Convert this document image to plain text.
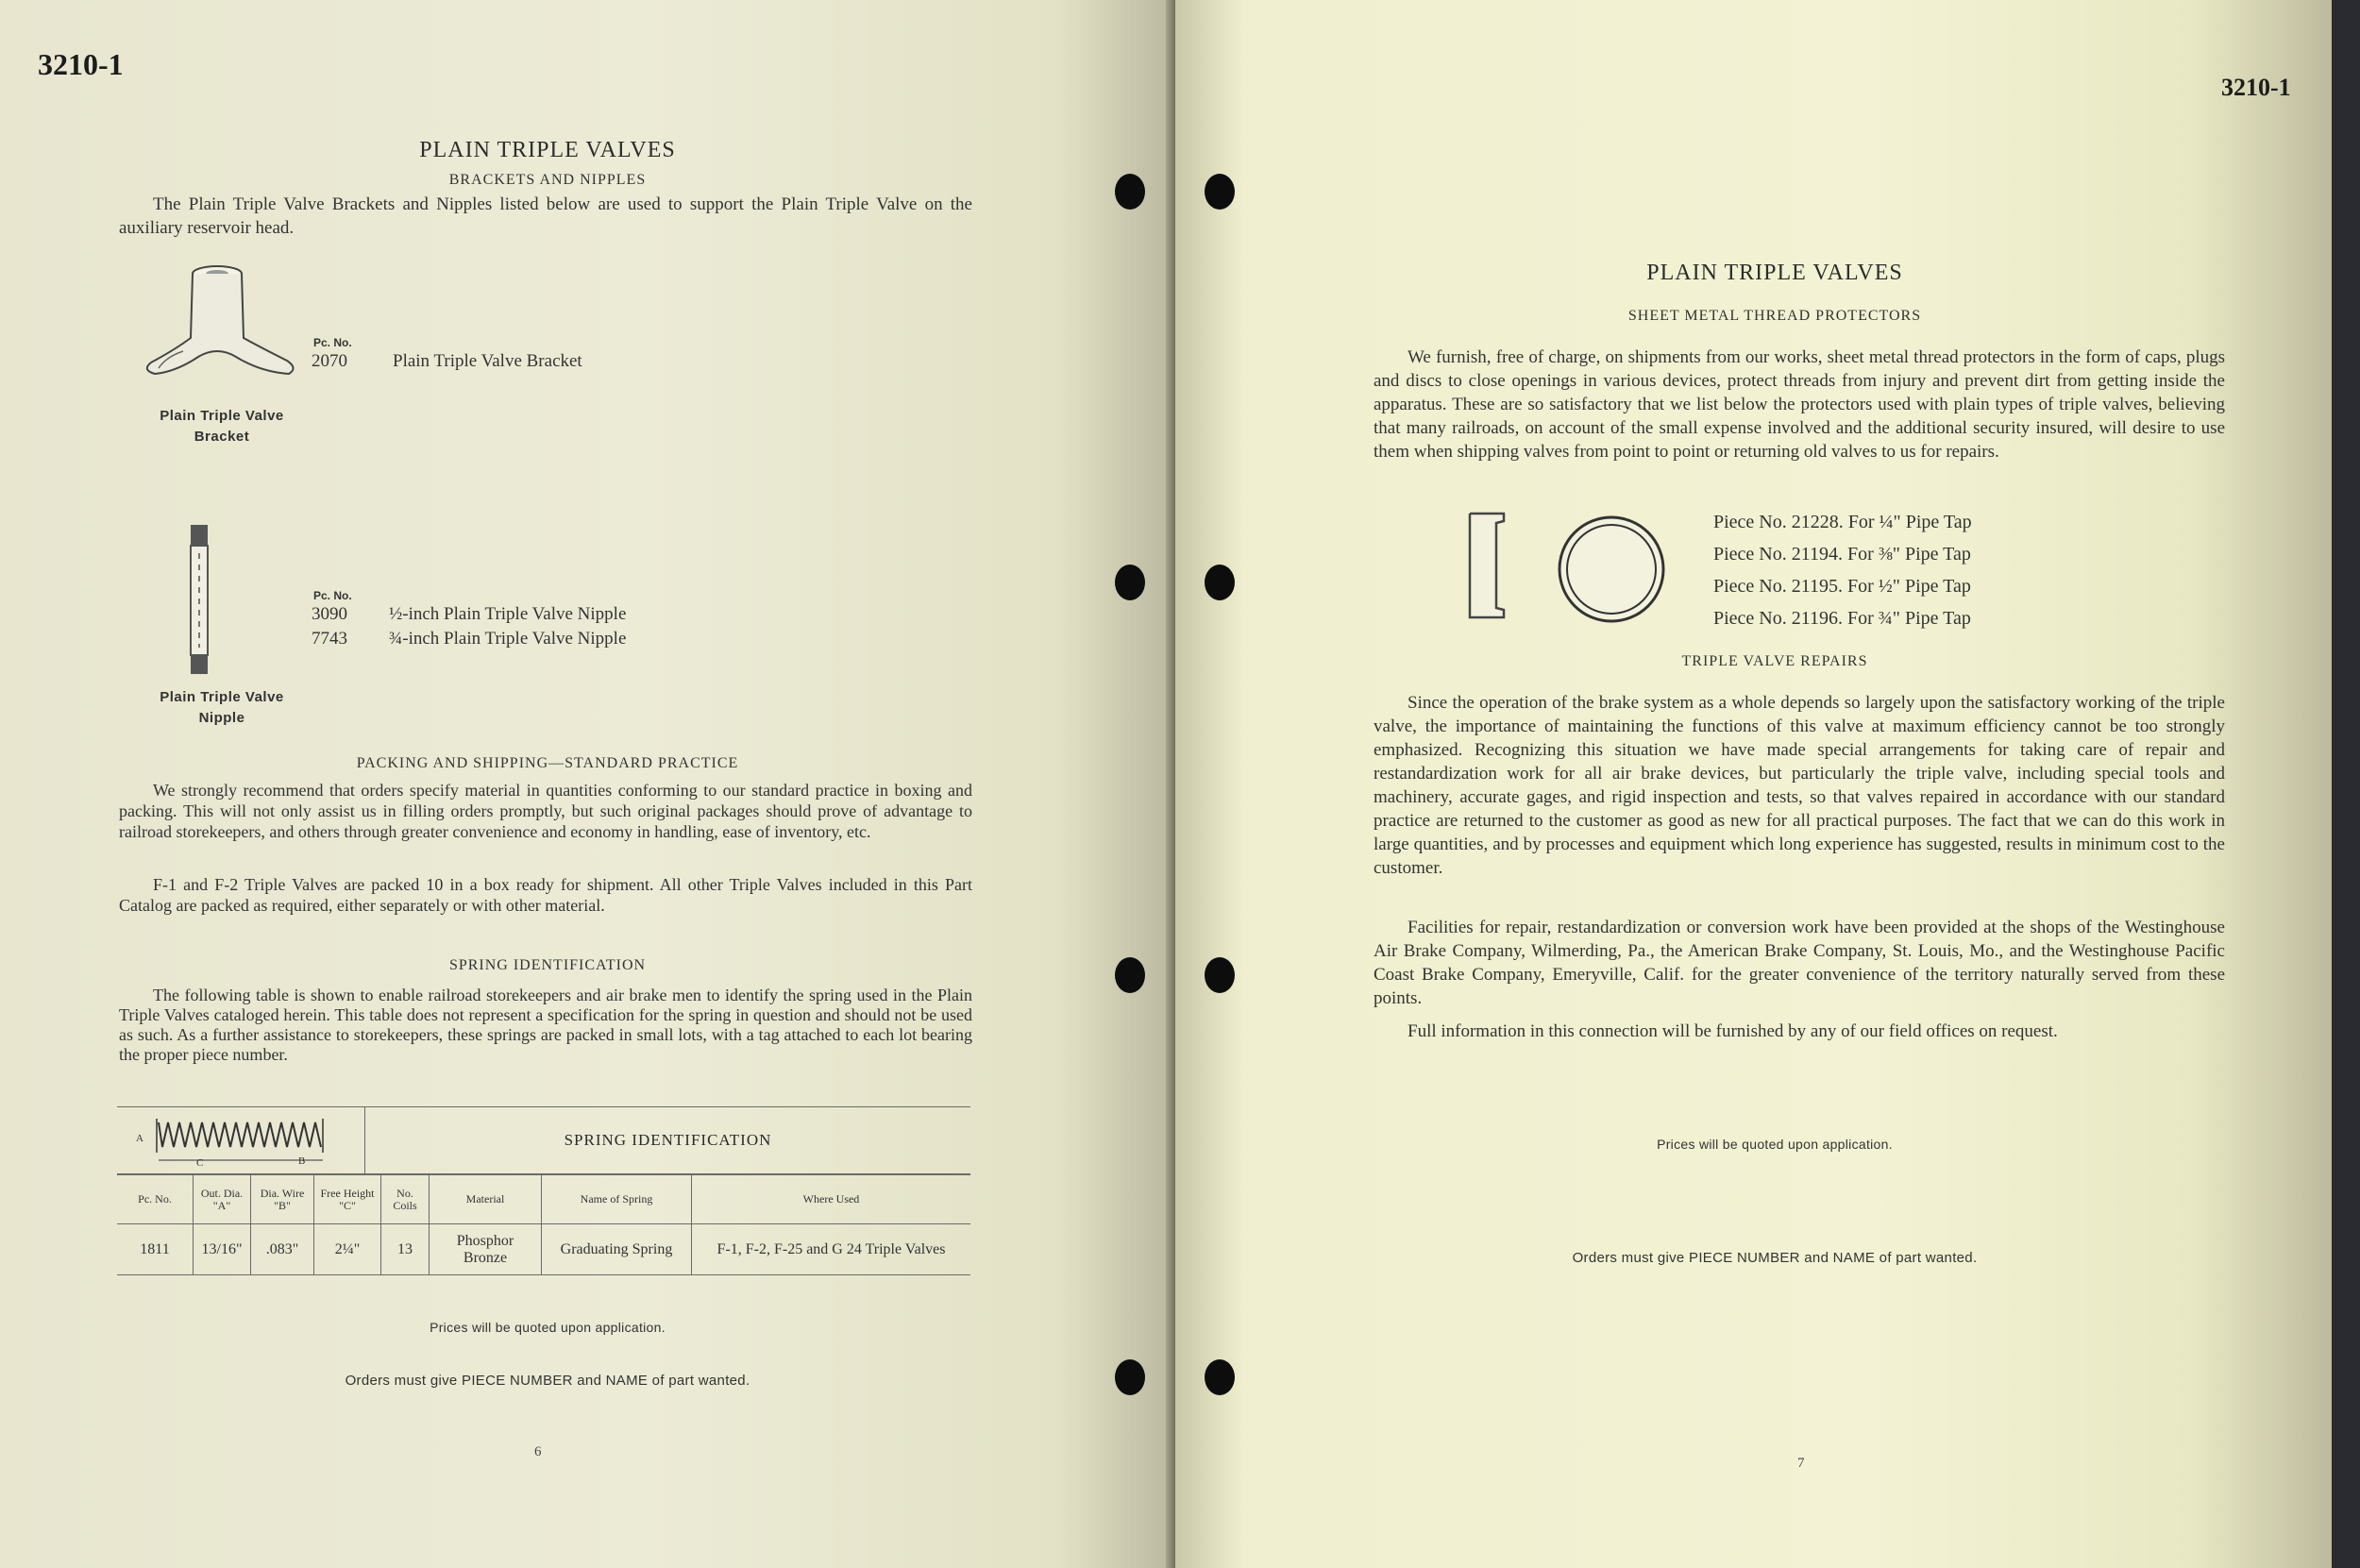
3210-1
PLAIN TRIPLE VALVES
BRACKETS AND NIPPLES
The Plain Triple Valve Brackets and Nipples listed below are used to support the Plain Triple Valve on the auxiliary reservoir head.
Plain Triple Valve
Bracket
Pc. No.
2070	Plain Triple Valve Bracket
Plain Triple Valve
Nipple
Pc. No.
3090 ½-inch Plain Triple Valve Nipple
7743 ¾-inch Plain Triple Valve Nipple
PACKING AND SHIPPING—STANDARD PRACTICE
We strongly recommend that orders specify material in quantities conforming to our standard practice in boxing and packing. This will not only assist us in filling orders promptly, but such original packages should prove of advantage to railroad storekeepers, and others through greater convenience and economy in handling, ease of inventory, etc.
F-1 and F-2 Triple Valves are packed 10 in a box ready for shipment. All other Triple Valves included in this Part Catalog are packed as required, either separately or with other material.
SPRING IDENTIFICATION
The following table is shown to enable railroad storekeepers and air brake men to identify the spring used in the Plain Triple Valves cataloged herein. This table does not represent a specification for the spring in question and should not be used as such. As a further assistance to storekeepers, these springs are packed in small lots, with a tag attached to each lot bearing the proper piece number.
C	B
A	SPRING IDENTIFICATION
Pc. No.	Out. Dia. "A"	Dia. Wire "B"	Free Height "C"	No. Coils	Material	Name of Spring	Where Used
1811	13/16"	.083"	2¼"	13	Phosphor Bronze	Graduating Spring	F-1, F-2, F-25 and G 24 Triple Valves
Prices will be quoted upon application.
Orders must give PIECE NUMBER and NAME of part wanted.
6
3210-1
PLAIN TRIPLE VALVES
SHEET METAL THREAD PROTECTORS
We furnish, free of charge, on shipments from our works, sheet metal thread protectors in the form of caps, plugs and discs to close openings in various devices, protect threads from injury and prevent dirt from getting inside the apparatus. These are so satisfactory that we list below the protectors used with plain types of triple valves, believing that many railroads, on account of the small expense involved and the additional security insured, will desire to use them when shipping valves from point to point or returning old valves to us for repairs.
Piece No. 21228. For ¼" Pipe Tap
Piece No. 21194. For ⅜" Pipe Tap
Piece No. 21195. For ½" Pipe Tap
Piece No. 21196. For ¾" Pipe Tap
TRIPLE VALVE REPAIRS
Since the operation of the brake system as a whole depends so largely upon the satisfactory working of the triple valve, the importance of maintaining the functions of this valve at maximum efficiency cannot be too strongly emphasized. Recognizing this situation we have made special arrangements for taking care of repair and restandardization work for all air brake devices, but particularly the triple valve, including special tools and machinery, accurate gages, and rigid inspection and tests, so that valves repaired in accordance with our standard practice are returned to the customer as good as new for all practical purposes. The fact that we can do this work in large quantities, and by processes and equipment which long experience has suggested, results in minimum cost to the customer.
Facilities for repair, restandardization or conversion work have been provided at the shops of the Westinghouse Air Brake Company, Wilmerding, Pa., the American Brake Company, St. Louis, Mo., and the Westinghouse Pacific Coast Brake Company, Emeryville, Calif. for the greater convenience of the territory naturally served from these points.
Full information in this connection will be furnished by any of our field offices on request.
Prices will be quoted upon application.
Orders must give PIECE NUMBER and NAME of part wanted.
7
